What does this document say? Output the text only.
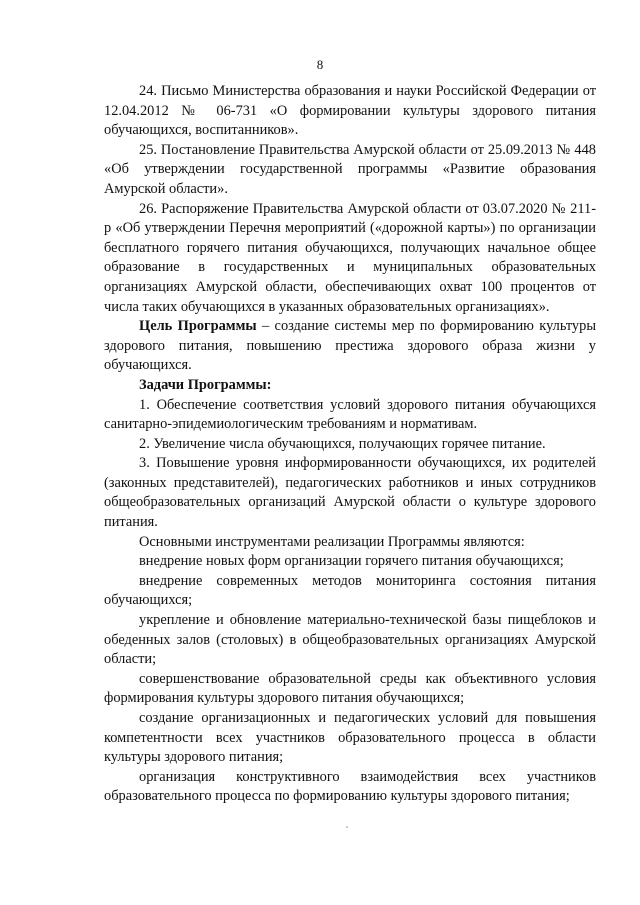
8

24. Письмо Министерства образования и науки Российской Федерации от 12.04.2012 № 06-731 «О формировании культуры здорового питания обучающихся, воспитанников».

25. Постановление Правительства Амурской области от 25.09.2013 № 448 «Об утверждении государственной программы «Развитие образования Амурской области».

26. Распоряжение Правительства Амурской области от 03.07.2020 № 211-р «Об утверждении Перечня мероприятий («дорожной карты») по организации бесплатного горячего питания обучающихся, получающих начальное общее образование в государственных и муниципальных образовательных организациях Амурской области, обеспечивающих охват 100 процентов от числа таких обучающихся в указанных образовательных организациях».

Цель Программы – создание системы мер по формированию культуры здорового питания, повышению престижа здорового образа жизни у обучающихся.

Задачи Программы:

1. Обеспечение соответствия условий здорового питания обучающихся санитарно-эпидемиологическим требованиям и нормативам.

2. Увеличение числа обучающихся, получающих горячее питание.

3. Повышение уровня информированности обучающихся, их родителей (законных представителей), педагогических работников и иных сотрудников общеобразовательных организаций Амурской области о культуре здорового питания.

Основными инструментами реализации Программы являются:

внедрение новых форм организации горячего питания обучающихся;

внедрение современных методов мониторинга состояния питания обучающихся;

укрепление и обновление материально-технической базы пищеблоков и обеденных залов (столовых) в общеобразовательных организациях Амурской области;

совершенствование образовательной среды как объективного условия формирования культуры здорового питания обучающихся;

создание организационных и педагогических условий для повышения компетентности всех участников образовательного процесса в области культуры здорового питания;

организация конструктивного взаимодействия всех участников образовательного процесса по формированию культуры здорового питания;
